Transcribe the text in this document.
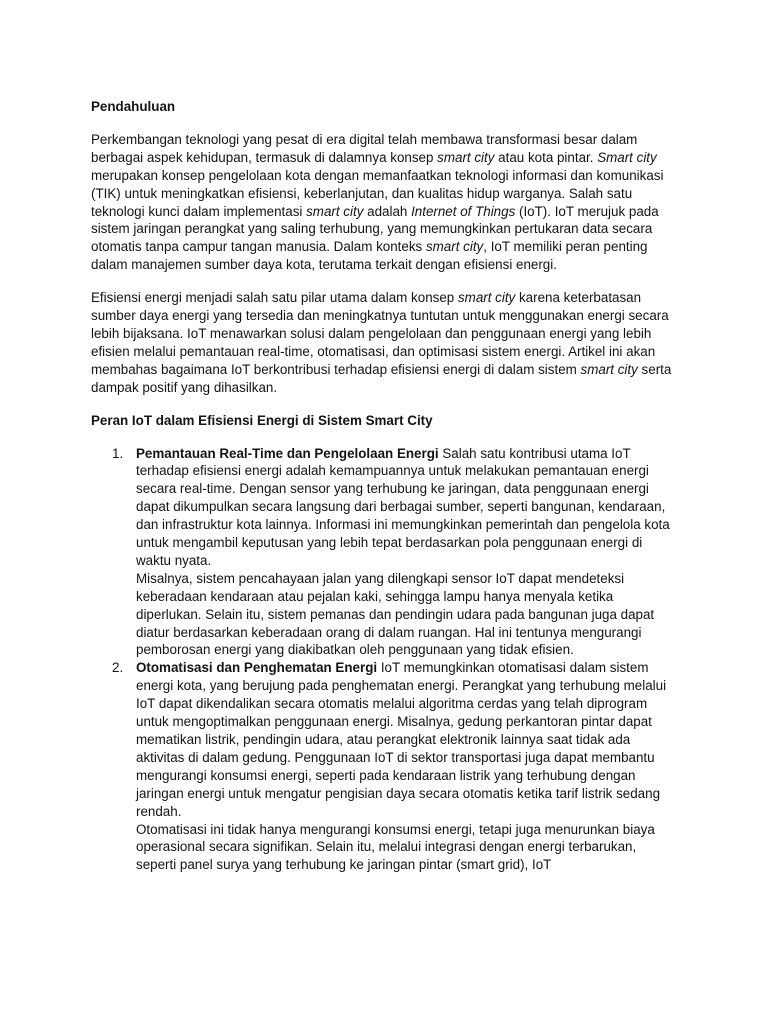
Pendahuluan

Perkembangan teknologi yang pesat di era digital telah membawa transformasi besar dalam berbagai aspek kehidupan, termasuk di dalamnya konsep smart city atau kota pintar. Smart city merupakan konsep pengelolaan kota dengan memanfaatkan teknologi informasi dan komunikasi (TIK) untuk meningkatkan efisiensi, keberlanjutan, dan kualitas hidup warganya. Salah satu teknologi kunci dalam implementasi smart city adalah Internet of Things (IoT). IoT merujuk pada sistem jaringan perangkat yang saling terhubung, yang memungkinkan pertukaran data secara otomatis tanpa campur tangan manusia. Dalam konteks smart city, IoT memiliki peran penting dalam manajemen sumber daya kota, terutama terkait dengan efisiensi energi.

Efisiensi energi menjadi salah satu pilar utama dalam konsep smart city karena keterbatasan sumber daya energi yang tersedia dan meningkatnya tuntutan untuk menggunakan energi secara lebih bijaksana. IoT menawarkan solusi dalam pengelolaan dan penggunaan energi yang lebih efisien melalui pemantauan real-time, otomatisasi, dan optimisasi sistem energi. Artikel ini akan membahas bagaimana IoT berkontribusi terhadap efisiensi energi di dalam sistem smart city serta dampak positif yang dihasilkan.

Peran IoT dalam Efisiensi Energi di Sistem Smart City
1. Pemantauan Real-Time dan Pengelolaan Energi Salah satu kontribusi utama IoT terhadap efisiensi energi adalah kemampuannya untuk melakukan pemantauan energi secara real-time. Dengan sensor yang terhubung ke jaringan, data penggunaan energi dapat dikumpulkan secara langsung dari berbagai sumber, seperti bangunan, kendaraan, dan infrastruktur kota lainnya. Informasi ini memungkinkan pemerintah dan pengelola kota untuk mengambil keputusan yang lebih tepat berdasarkan pola penggunaan energi di waktu nyata.
Misalnya, sistem pencahayaan jalan yang dilengkapi sensor IoT dapat mendeteksi keberadaan kendaraan atau pejalan kaki, sehingga lampu hanya menyala ketika diperlukan. Selain itu, sistem pemanas dan pendingin udara pada bangunan juga dapat diatur berdasarkan keberadaan orang di dalam ruangan. Hal ini tentunya mengurangi pemborosan energi yang diakibatkan oleh penggunaan yang tidak efisien.
2. Otomatisasi dan Penghematan Energi IoT memungkinkan otomatisasi dalam sistem energi kota, yang berujung pada penghematan energi. Perangkat yang terhubung melalui IoT dapat dikendalikan secara otomatis melalui algoritma cerdas yang telah diprogram untuk mengoptimalkan penggunaan energi. Misalnya, gedung perkantoran pintar dapat mematikan listrik, pendingin udara, atau perangkat elektronik lainnya saat tidak ada aktivitas di dalam gedung. Penggunaan IoT di sektor transportasi juga dapat membantu mengurangi konsumsi energi, seperti pada kendaraan listrik yang terhubung dengan jaringan energi untuk mengatur pengisian daya secara otomatis ketika tarif listrik sedang rendah.
Otomatisasi ini tidak hanya mengurangi konsumsi energi, tetapi juga menurunkan biaya operasional secara signifikan. Selain itu, melalui integrasi dengan energi terbarukan, seperti panel surya yang terhubung ke jaringan pintar (smart grid), IoT
